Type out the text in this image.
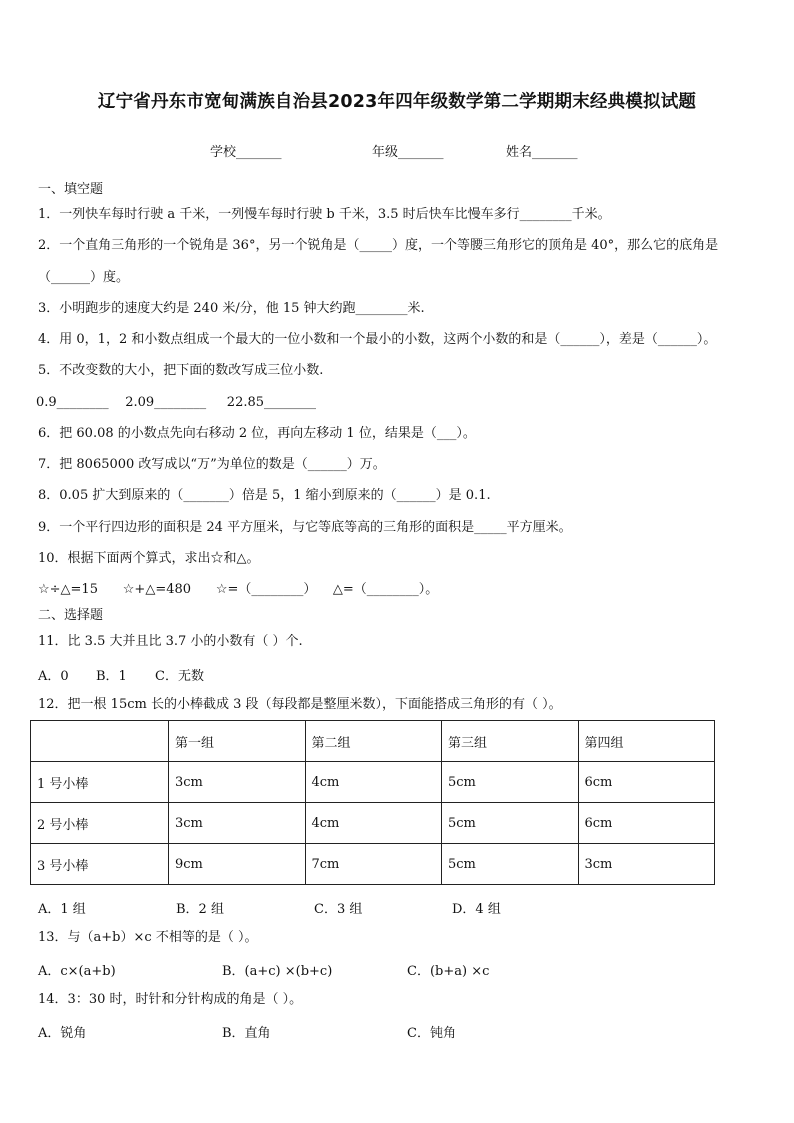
辽宁省丹东市宽甸满族自治县2023年四年级数学第二学期期末经典模拟试题
学校_______	年级_______	姓名_______
一、填空题
1．一列快车每时行驶 a 千米，一列慢车每时行驶 b 千米，3.5 时后快车比慢车多行________千米。
2．一个直角三角形的一个锐角是 36°，另一个锐角是（_____）度，一个等腰三角形它的顶角是 40°，那么它的底角是
（______）度。
3．小明跑步的速度大约是 240 米/分，他 15 钟大约跑________米.
4．用 0，1，2 和小数点组成一个最大的一位小数和一个最小的小数，这两个小数的和是（______），差是（______）。
5．不改变数的大小，把下面的数改写成三位小数.
0.9________    2.09________     22.85________
6．把 60.08 的小数点先向右移动 2 位，再向左移动 1 位，结果是（___）。
7．把 8065000 改写成以“万”为单位的数是（______）万。
8．0.05 扩大到原来的（_______）倍是 5，1 缩小到原来的（______）是 0.1.
9．一个平行四边形的面积是 24 平方厘米，与它等底等高的三角形的面积是_____平方厘米。
10．根据下面两个算式，求出☆和△。
☆÷△=15      ☆+△=480      ☆=（________）    △=（________）。
二、选择题
11．比 3.5 大并且比 3.7 小的小数有（ ）个.
A．0 B．1 C．无数
12．把一根 15cm 长的小棒截成 3 段（每段都是整厘米数），下面能搭成三角形的有（ ）。
	第一组	第二组	第三组	第四组
1 号小棒	3cm	4cm	5cm	6cm
2 号小棒	3cm	4cm	5cm	6cm
3 号小棒	9cm	7cm	5cm	3cm
A．1 组	B．2 组	C．3 组	D．4 组
13．与（a+b）×c 不相等的是（ ）。
A．c×(a+b)	B．(a+c) ×(b+c)	C．(b+a) ×c
14．3：30 时，时针和分针构成的角是（ ）。
A．锐角	B．直角	C．钝角
